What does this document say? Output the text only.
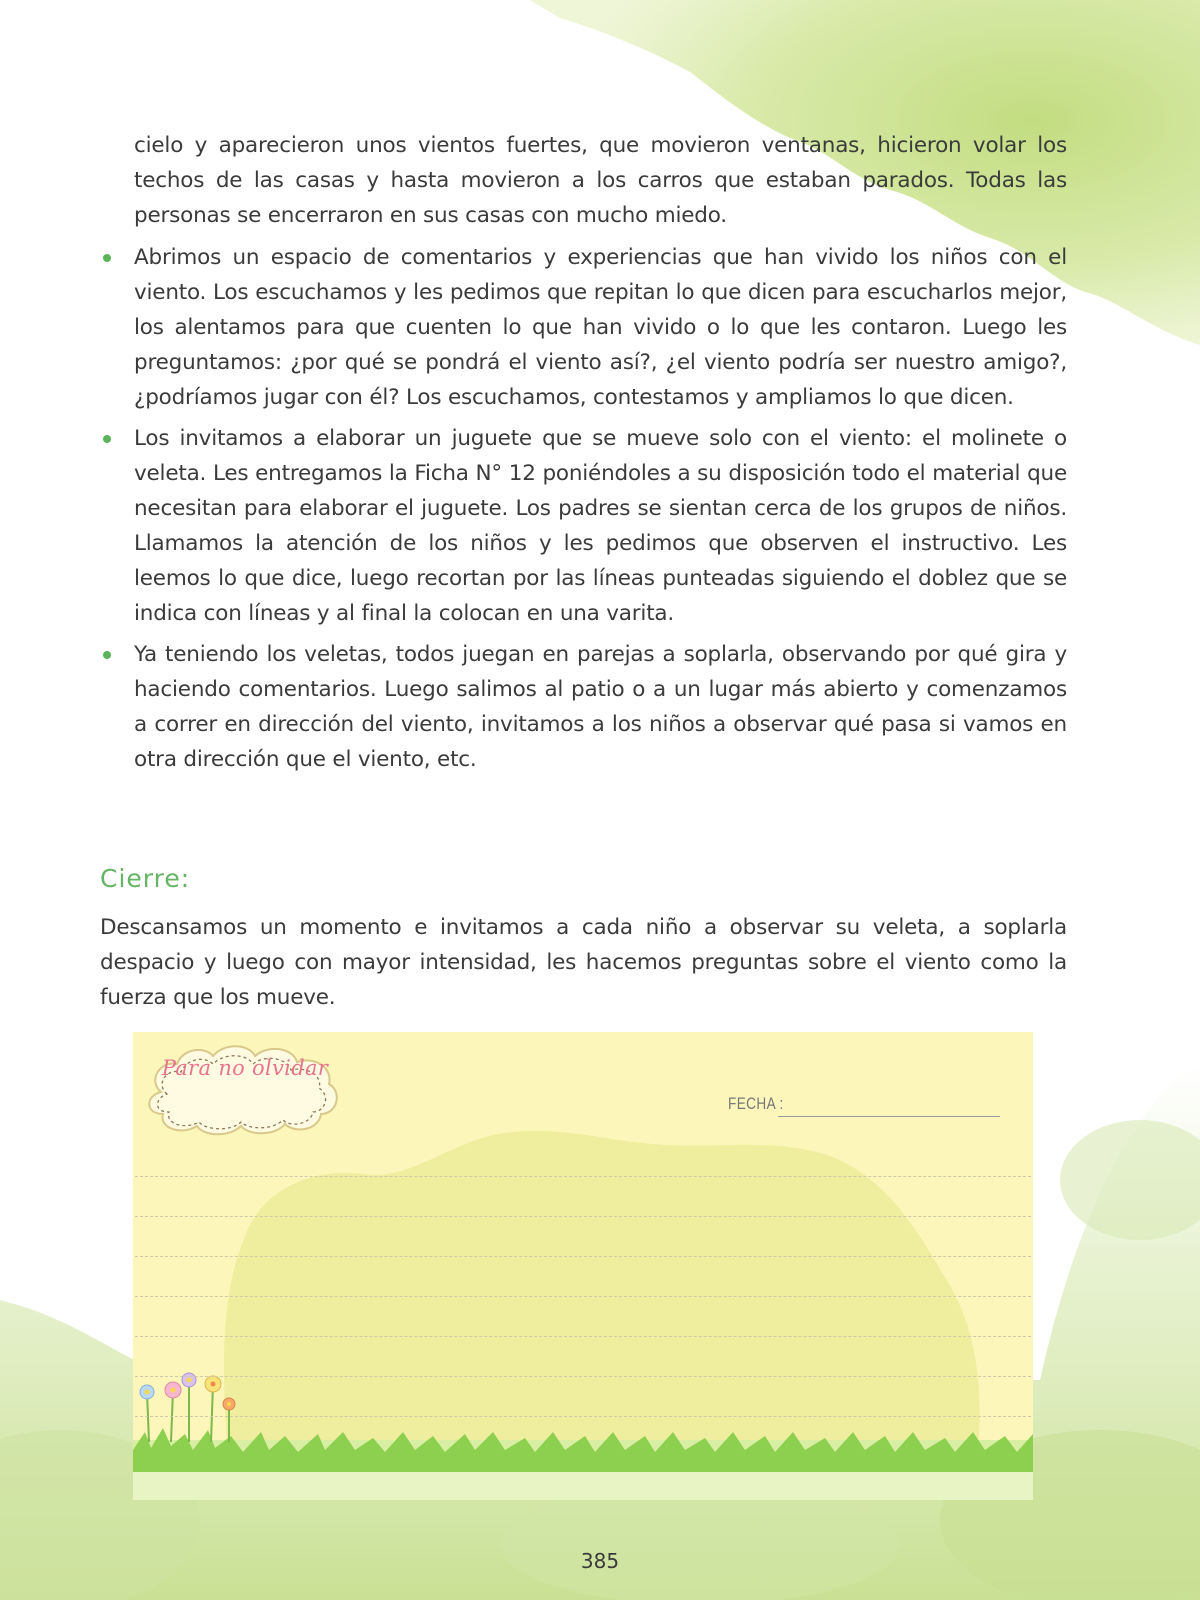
cielo y aparecieron unos vientos fuertes, que movieron ventanas, hicieron volar los techos de las casas y hasta movieron a los carros que estaban parados. Todas las personas se encerraron en sus casas con mucho miedo.

Abrimos un espacio de comentarios y experiencias que han vivido los niños con el viento. Los escuchamos y les pedimos que repitan lo que dicen para escucharlos mejor, los alentamos para que cuenten lo que han vivido o lo que les contaron. Luego les preguntamos: ¿por qué se pondrá el viento así?, ¿el viento podría ser nuestro amigo?, ¿podríamos jugar con él? Los escuchamos, contestamos y ampliamos lo que dicen.
Los invitamos a elaborar un juguete que se mueve solo con el viento: el molinete o veleta. Les entregamos la Ficha N° 12 poniéndoles a su disposición todo el material que necesitan para elaborar el juguete. Los padres se sientan cerca de los grupos de niños. Llamamos la atención de los niños y les pedimos que observen el instructivo. Les leemos lo que dice, luego recortan por las líneas punteadas siguiendo el doblez que se indica con líneas y al final la colocan en una varita.
Ya teniendo los veletas, todos juegan en parejas a soplarla, observando por qué gira y haciendo comentarios. Luego salimos al patio o a un lugar más abierto y comenzamos a correr en dirección del viento, invitamos a los niños a observar qué pasa si vamos en otra dirección que el viento, etc.
Cierre:

Descansamos un momento e invitamos a cada niño a observar su veleta, a soplarla despacio y luego con mayor intensidad, les hacemos preguntas sobre el viento como la fuerza que los mueve.

Para no olvidar
FECHA :
385
